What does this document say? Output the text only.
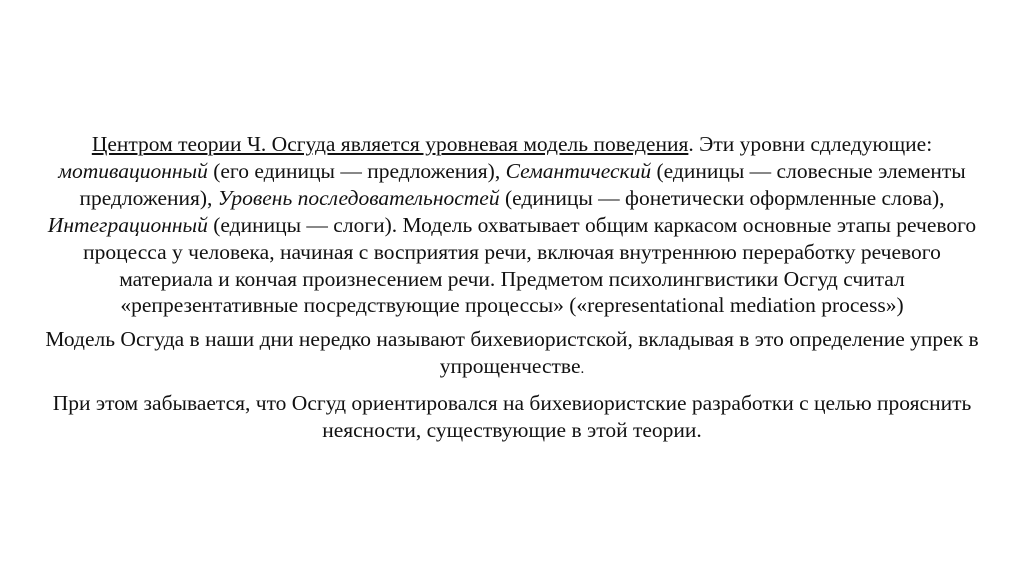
Центром теории Ч. Осгуда является уровневая модель поведения. Эти уровни сдледующие: мотивационный (его единицы — предложения), Семантический (единицы — словесные элементы предложения), Уровень последовательностей (единицы — фонетически оформленные слова), Интеграционный (единицы — слоги). Модель охватывает общим каркасом основные этапы речевого процесса у человека, начиная с восприятия речи, включая внутреннюю переработку речевого материала и кончая произнесением речи. Предметом психолингвистики Осгуд считал «репрезентативные посредствующие процессы» («representational mediation process»)

Модель Осгуда в наши дни нередко называют бихевиористской, вкладывая в это определение упрек в упрощенчестве.

При этом забывается, что Осгуд ориентировался на бихевиористские разработки с целью прояснить неясности, существующие в этой теории.
